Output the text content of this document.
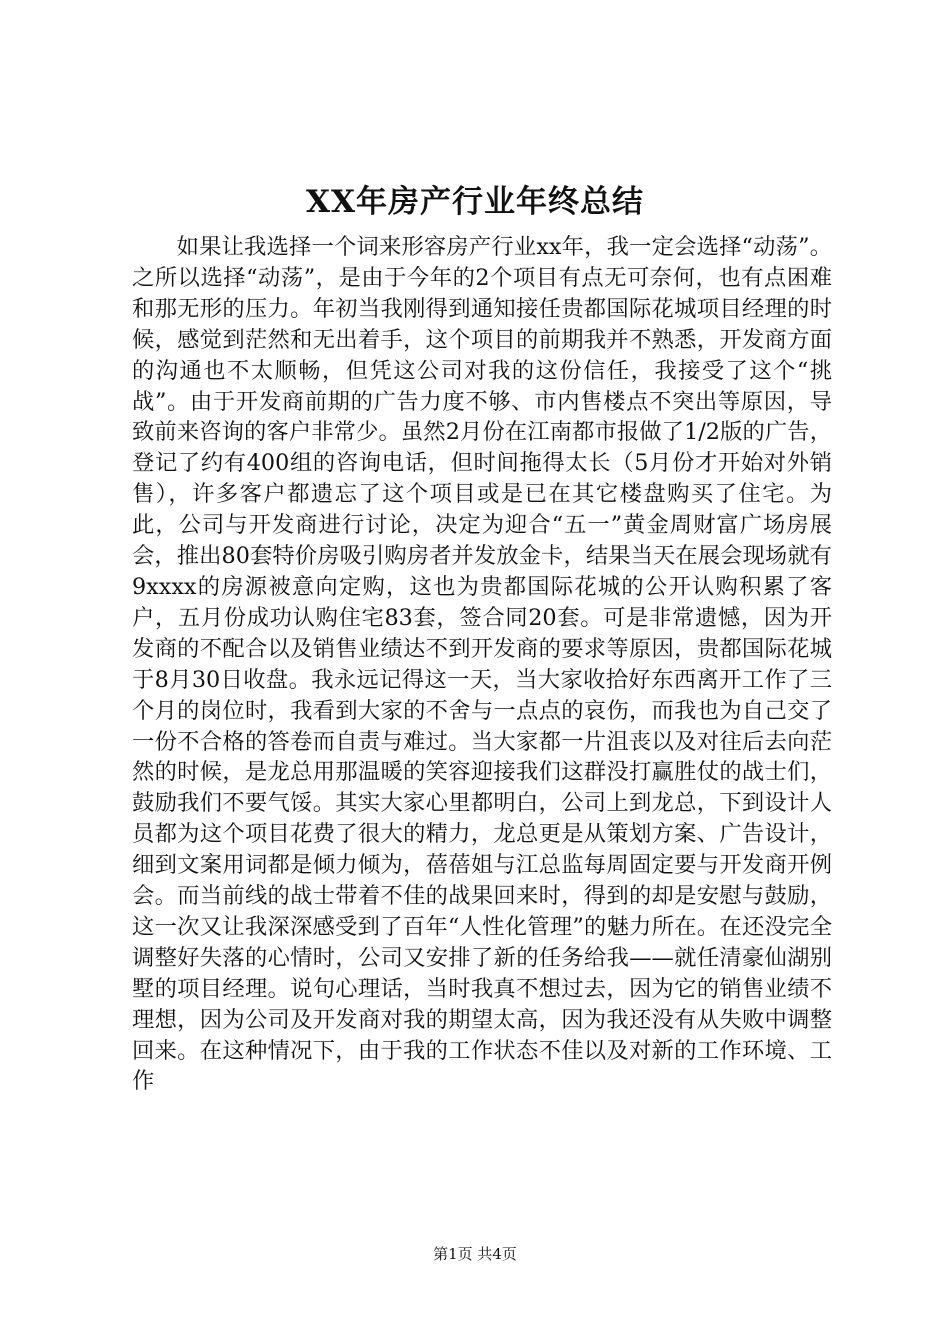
XX年房产行业年终总结

如果让我选择一个词来形容房产行业xx年，我一定会选择“动荡”。之所以选择“动荡”，是由于今年的2个项目有点无可奈何，也有点困难和那无形的压力。年初当我刚得到通知接任贵都国际花城项目经理的时候，感觉到茫然和无出着手，这个项目的前期我并不熟悉，开发商方面的沟通也不太顺畅，但凭这公司对我的这份信任，我接受了这个“挑战”。由于开发商前期的广告力度不够、市内售楼点不突出等原因，导致前来咨询的客户非常少。虽然2月份在江南都市报做了1/2版的广告，登记了约有400组的咨询电话，但时间拖得太长（5月份才开始对外销售），许多客户都遗忘了这个项目或是已在其它楼盘购买了住宅。为此，公司与开发商进行讨论，决定为迎合“五一”黄金周财富广场房展会，推出80套特价房吸引购房者并发放金卡，结果当天在展会现场就有9xxxx的房源被意向定购，这也为贵都国际花城的公开认购积累了客户，五月份成功认购住宅83套，签合同20套。可是非常遗憾，因为开发商的不配合以及销售业绩达不到开发商的要求等原因，贵都国际花城于8月30日收盘。我永远记得这一天，当大家收拾好东西离开工作了三个月的岗位时，我看到大家的不舍与一点点的哀伤，而我也为自己交了一份不合格的答卷而自责与难过。当大家都一片沮丧以及对往后去向茫然的时候，是龙总用那温暖的笑容迎接我们这群没打赢胜仗的战士们，鼓励我们不要气馁。其实大家心里都明白，公司上到龙总，下到设计人员都为这个项目花费了很大的精力，龙总更是从策划方案、广告设计，细到文案用词都是倾力倾为，蓓蓓姐与江总监每周固定要与开发商开例会。而当前线的战士带着不佳的战果回来时，得到的却是安慰与鼓励，这一次又让我深深感受到了百年“人性化管理”的魅力所在。在还没完全调整好失落的心情时，公司又安排了新的任务给我——就任清豪仙湖别墅的项目经理。说句心理话，当时我真不想过去，因为它的销售业绩不理想，因为公司及开发商对我的期望太高，因为我还没有从失败中调整回来。在这种情况下，由于我的工作状态不佳以及对新的工作环境、工作

第1页 共4页
